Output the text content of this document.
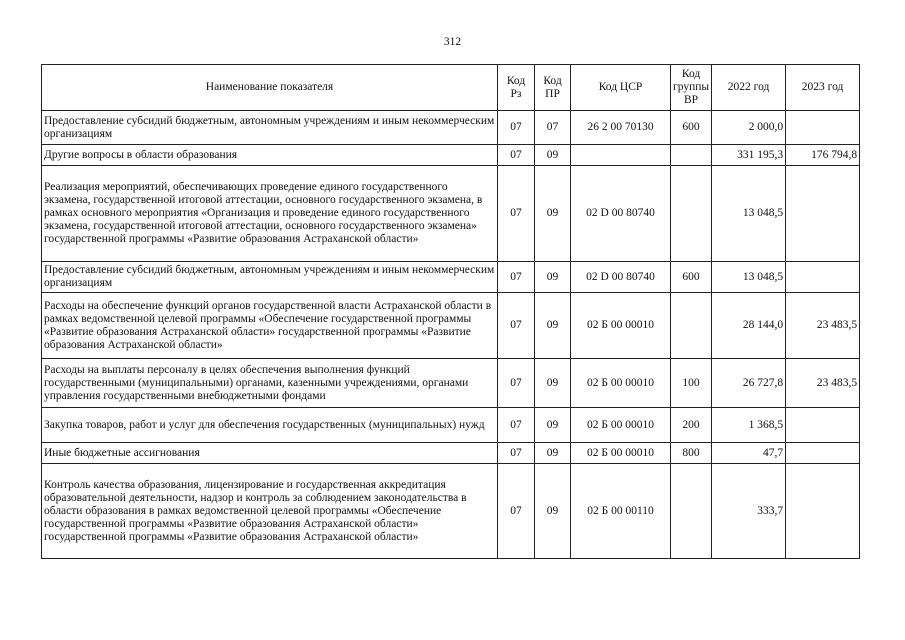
312
Наименование показателя	Код Рз	Код ПР	Код ЦСР	Код группы ВР	2022 год	2023 год
Предоставление субсидий бюджетным, автономным учреждениям и иным некоммерческим организациям	07	07	26 2 00 70130	600	2 000,0	
Другие вопросы в области образования	07	09			331 195,3	176 794,8
Реализация мероприятий, обеспечивающих проведение единого государственного экзамена, государственной итоговой аттестации, основного государственного экзамена, в рамках основного мероприятия «Организация и проведение единого государственного экзамена, государственной итоговой аттестации, основного государственного экзамена» государственной программы «Развитие образования Астраханской области»	07	09	02 D 00 80740		13 048,5	
Предоставление субсидий бюджетным, автономным учреждениям и иным некоммерческим организациям	07	09	02 D 00 80740	600	13 048,5	
Расходы на обеспечение функций органов государственной власти Астраханской области в рамках ведомственной целевой программы «Обеспечение государственной программы «Развитие образования Астраханской области» государственной программы «Развитие образования Астраханской области»	07	09	02 Б 00 00010		28 144,0	23 483,5
Расходы на выплаты персоналу в целях обеспечения выполнения функций государственными (муниципальными) органами, казенными учреждениями, органами управления государственными внебюджетными фондами	07	09	02 Б 00 00010	100	26 727,8	23 483,5
Закупка товаров, работ и услуг для обеспечения государственных (муниципальных) нужд	07	09	02 Б 00 00010	200	1 368,5	
Иные бюджетные ассигнования	07	09	02 Б 00 00010	800	47,7	
Контроль качества образования, лицензирование и государственная аккредитация образовательной деятельности, надзор и контроль за соблюдением законодательства в области образования в рамках ведомственной целевой программы «Обеспечение государственной программы «Развитие образования Астраханской области» государственной программы «Развитие образования Астраханской области»	07	09	02 Б 00 00110		333,7	
